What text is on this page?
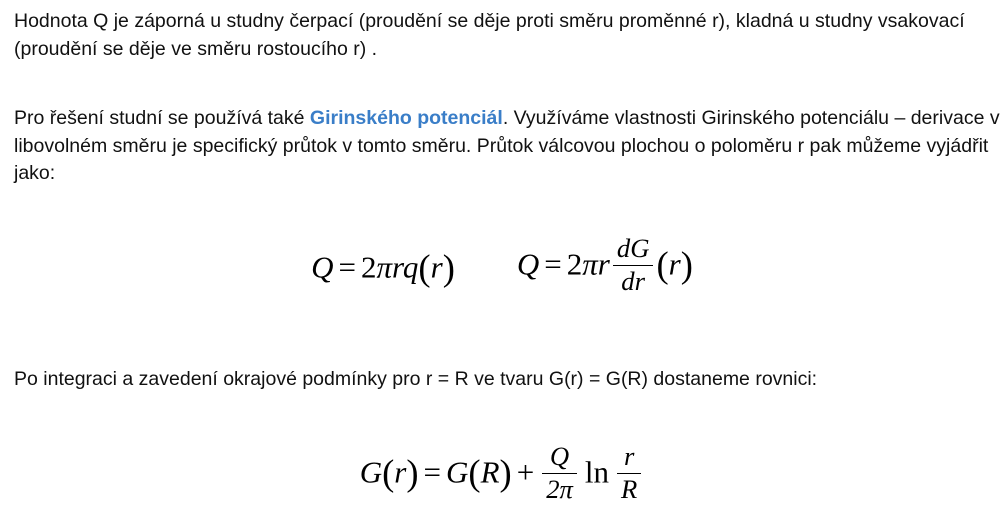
Hodnota Q je záporná u studny čerpací (proudění se děje proti směru proměnné r), kladná u studny vsakovací (proudění se děje ve směru rostoucího r) .

Pro řešení studní se používá také Girinského potenciál. Využíváme vlastnosti Girinského potenciálu – derivace v libovolném směru je specifický průtok v tomto směru. Průtok válcovou plochou o poloměru r pak můžeme vyjádřit jako:

Q = 2πrq(r) $Q = 2\pi r \frac{dG}{dr} (r)$

Po integraci a zavedení okrajové podmínky pro r = R ve tvaru G(r) = G(R) dostaneme rovnici:

$G(r) = G(R) + \frac{Q}{2\pi}$ $\ln \frac{r}{R}$
